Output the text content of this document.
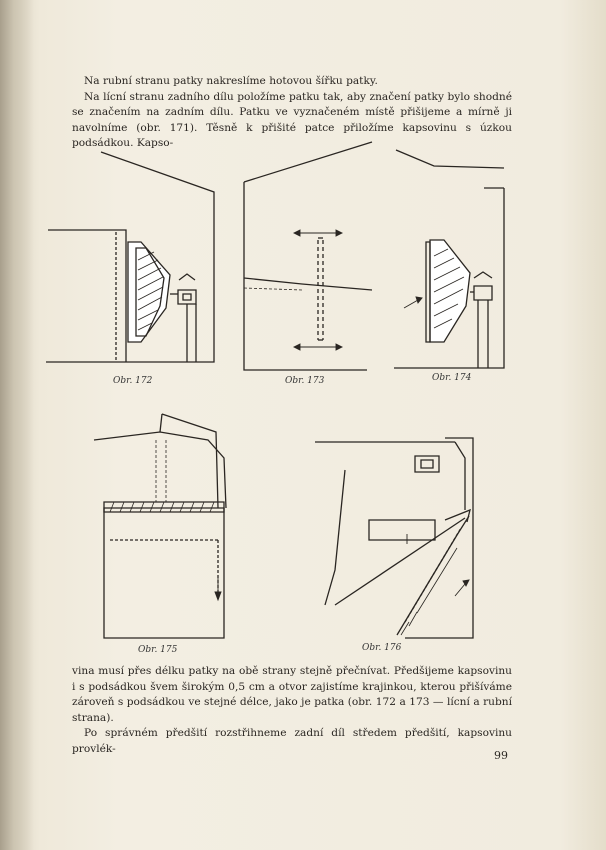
Na rubní stranu patky nakreslíme hotovou šířku patky.

Na lícní stranu zadního dílu položíme patku tak, aby značení patky bylo shodné se značením na zadním dílu. Patku ve vyznačeném místě přišijeme a mírně ji navolníme (obr. 171). Těsně k přišité patce přiložíme kapsovinu s úzkou podsádkou. Kapso-

Obr. 172	Obr. 173	Obr. 174
Obr. 175	Obr. 176

vina musí přes délku patky na obě strany stejně přečnívat. Předšijeme kapsovinu i s podsádkou švem širokým 0,5 cm a otvor zajistíme krajinkou, kterou přišíváme zároveň s podsádkou ve stejné délce, jako je patka (obr. 172 a 173 — lícní a rubní strana).

Po správném předšití rozstřihneme zadní díl středem předšití, kapsovinu provlék-

99
